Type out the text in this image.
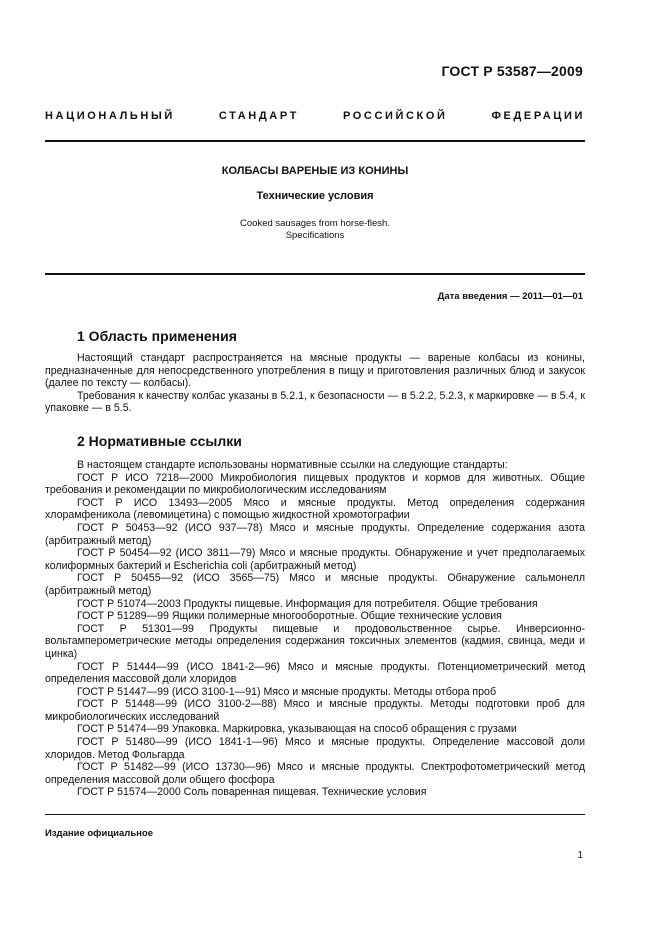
ГОСТ Р 53587—2009
НАЦИОНАЛЬНЫЙ СТАНДАРТ РОССИЙСКОЙ ФЕДЕРАЦИИ
КОЛБАСЫ ВАРЕНЫЕ ИЗ КОНИНЫ
Технические условия
Cooked sausages from horse-flesh.
Specifications
Дата введения — 2011—01—01
1 Область применения

Настоящий стандарт распространяется на мясные продукты — вареные колбасы из конины, предназначенные для непосредственного употребления в пищу и приготовления различных блюд и закусок (далее по тексту — колбасы).

Требования к качеству колбас указаны в 5.2.1, к безопасности — в 5.2.2, 5.2.3, к маркировке — в 5.4, к упаковке — в 5.5.

2 Нормативные ссылки

В настоящем стандарте использованы нормативные ссылки на следующие стандарты:

ГОСТ Р ИСО 7218—2000 Микробиология пищевых продуктов и кормов для животных. Общие требования и рекомендации по микробиологическим исследованиям

ГОСТ Р ИСО 13493—2005 Мясо и мясные продукты. Метод определения содержания хлорамфеникола (левомицетина) с помощью жидкостной хромотографии

ГОСТ Р 50453—92 (ИСО 937—78) Мясо и мясные продукты. Определение содержания азота (арбитражный метод)

ГОСТ Р 50454—92 (ИСО 3811—79) Мясо и мясные продукты. Обнаружение и учет предполагаемых колиформных бактерий и Escherichia coli (арбитражный метод)

ГОСТ Р 50455—92 (ИСО 3565—75) Мясо и мясные продукты. Обнаружение сальмонелл (арбитражный метод)

ГОСТ Р 51074—2003 Продукты пищевые. Информация для потребителя. Общие требования

ГОСТ Р 51289—99 Ящики полимерные многооборотные. Общие технические условия

ГОСТ Р 51301—99 Продукты пищевые и продовольственное сырье. Инверсионно-вольтамперометрические методы определения содержания токсичных элементов (кадмия, свинца, меди и цинка)

ГОСТ Р 51444—99 (ИСО 1841-2—96) Мясо и мясные продукты. Потенциометрический метод определения массовой доли хлоридов

ГОСТ Р 51447—99 (ИСО 3100-1—91) Мясо и мясные продукты. Методы отбора проб

ГОСТ Р 51448—99 (ИСО 3100-2—88) Мясо и мясные продукты. Методы подготовки проб для микробиологических исследований

ГОСТ Р 51474—99 Упаковка. Маркировка, указывающая на способ обращения с грузами

ГОСТ Р 51480—99 (ИСО 1841-1—96) Мясо и мясные продукты. Определение массовой доли хлоридов. Метод Фольгарда

ГОСТ Р 51482—99 (ИСО 13730—96) Мясо и мясные продукты. Спектрофотометрический метод определения массовой доли общего фосфора

ГОСТ Р 51574—2000 Соль поваренная пищевая. Технические условия

Издание официальное
1
